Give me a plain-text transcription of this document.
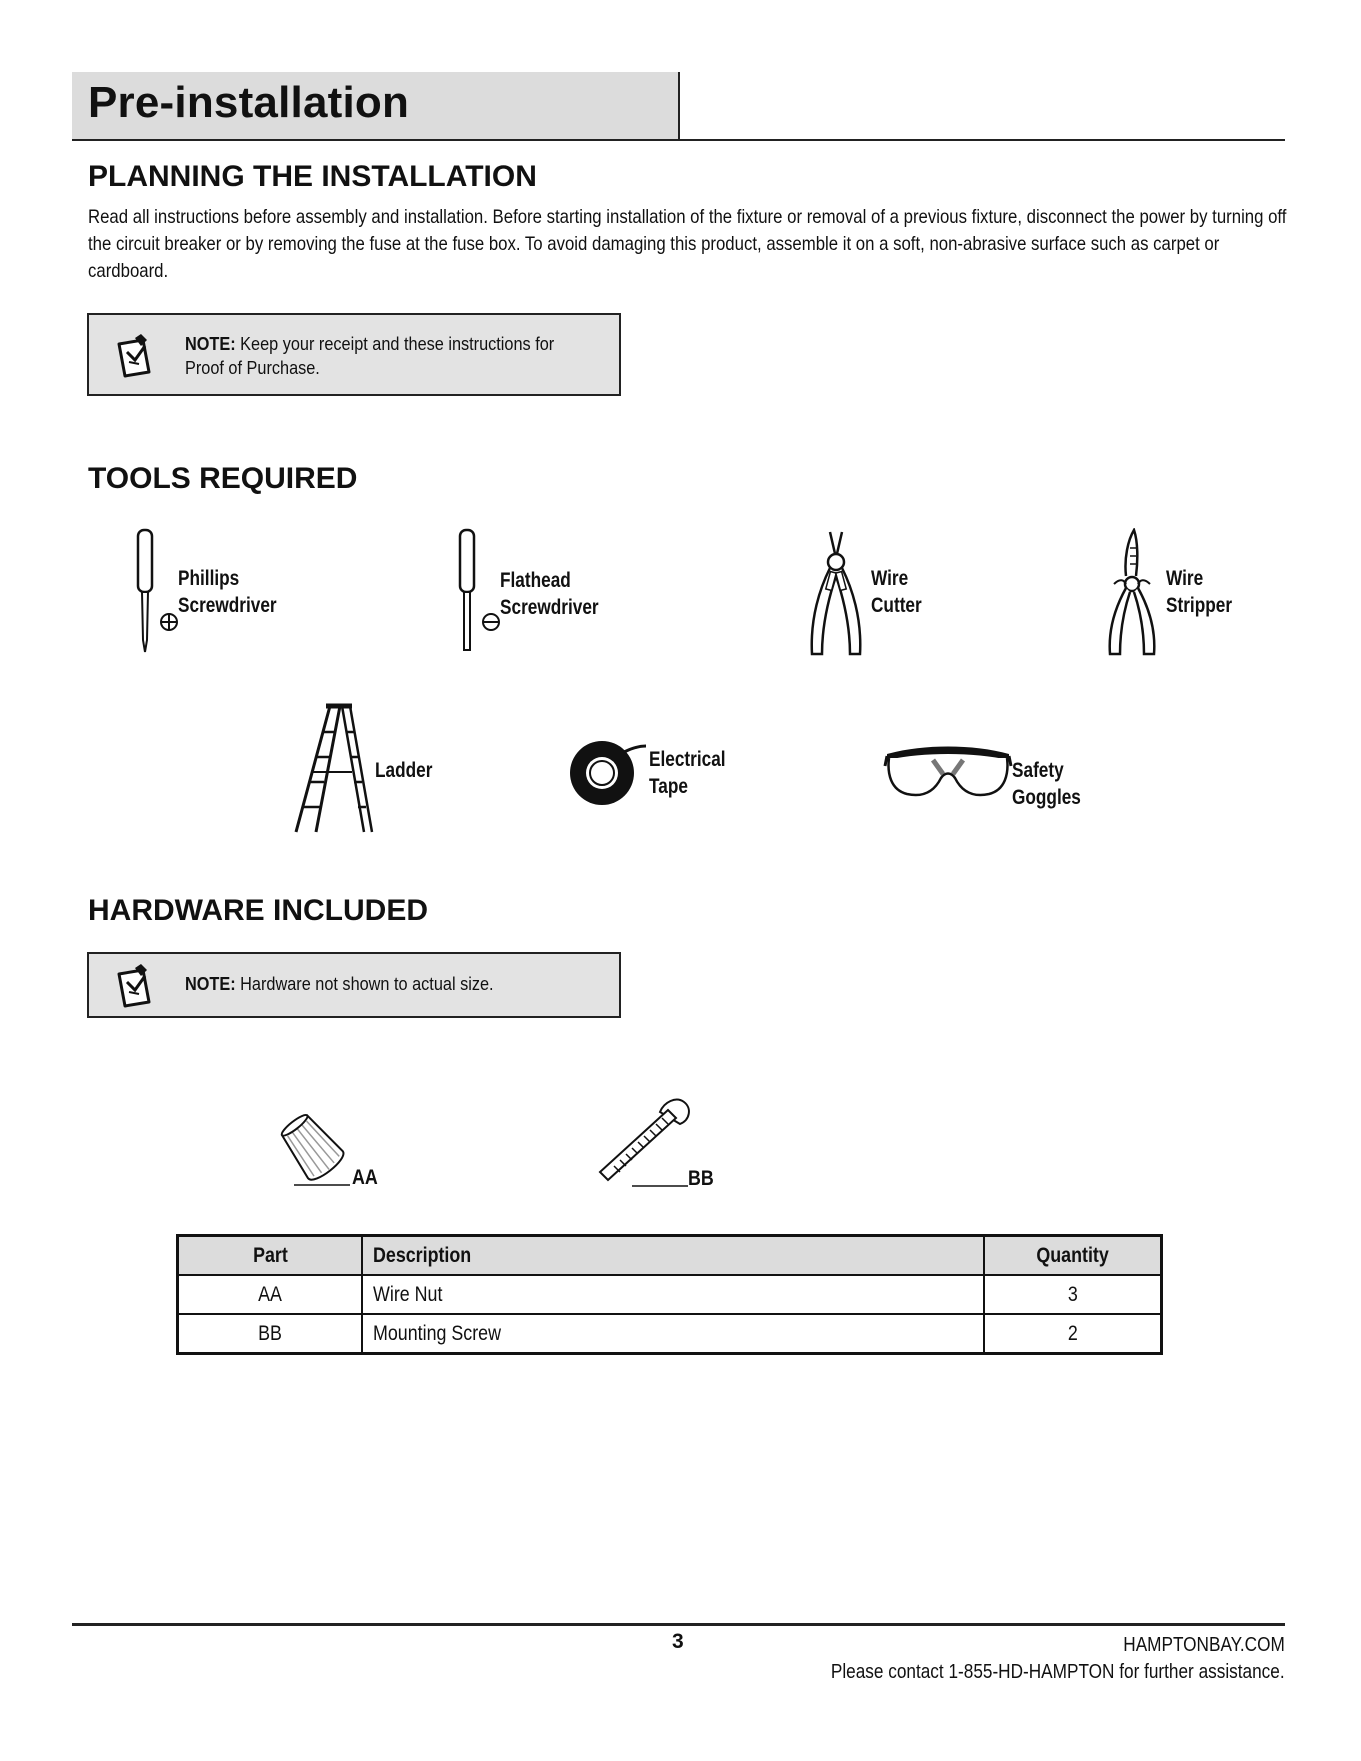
Pre-installation
PLANNING THE INSTALLATION
Read all instructions before assembly and installation. Before starting installation of the fixture or removal of a previous fixture, disconnect the power by turning off the circuit breaker or by removing the fuse at the fuse box. To avoid damaging this product, assemble it on a soft, non-abrasive surface such as carpet or cardboard.
NOTE: Keep your receipt and these instructions for
Proof of Purchase.
TOOLS REQUIRED
Phillips
Screwdriver
Flathead
Screwdriver
Wire
Cutter
Wire
Stripper
Ladder	Electrical
Tape
Safety
Goggles
HARDWARE INCLUDED
NOTE: Hardware not shown to actual size.
AA	BB
Part	Description	Quantity
AA	Wire Nut	3
BB	Mounting Screw	2
3	HAMPTONBAY.COM
Please contact 1-855-HD-HAMPTON for further assistance.
